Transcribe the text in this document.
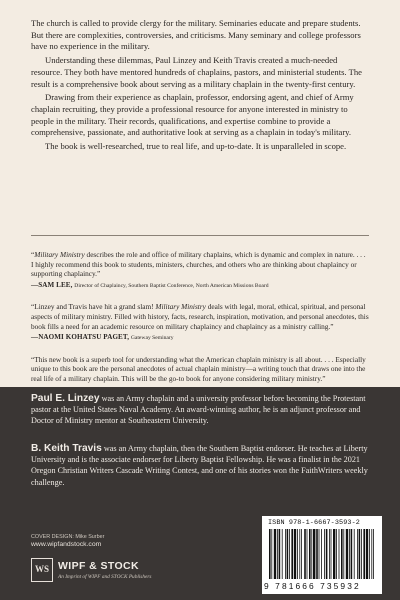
The church is called to provide clergy for the military. Seminaries educate and prepare students. But there are complexities, controversies, and criticisms. Many seminary and college professors have no experience in the military.

Understanding these dilemmas, Paul Linzey and Keith Travis created a much-needed resource. They both have mentored hundreds of chaplains, pastors, and ministerial students. The result is a comprehensive book about serving as a military chaplain in the twenty-first century.

Drawing from their experience as chaplain, professor, endorsing agent, and chief of Army chaplain recruiting, they provide a professional resource for anyone interested in ministry to people in the military. Their records, qualifications, and expertise combine to provide a comprehensive, passionate, and authoritative look at serving as a chaplain in today's military.

The book is well-researched, true to real life, and up-to-date. It is unparalleled in scope.

“Military Ministry describes the role and office of military chaplains, which is dynamic and complex in nature. . . . I highly recommend this book to students, ministers, churches, and others who are thinking about chaplaincy or supporting chaplaincy.”

—SAM LEE, Director of Chaplaincy, Southern Baptist Conference, North American Missions Board

“Linzey and Travis have hit a grand slam! Military Ministry deals with legal, moral, ethical, spiritual, and personal aspects of military ministry. Filled with history, facts, research, inspiration, motivation, and personal anecdotes, this book fills a need for an academic resource on military chaplaincy and chaplaincy as a ministry calling.”

—NAOMI KOHATSU PAGET, Gateway Seminary

“This new book is a superb tool for understanding what the American chaplain ministry is all about. . . . Especially unique to this book are the personal anecdotes of actual chaplain ministry—a writing touch that draws one into the real life of a military chaplain. This will be the go-to book for anyone considering military ministry.”

Paul E. Linzey was an Army chaplain and a university professor before becoming the Protestant pastor at the United States Naval Academy. An award-winning author, he is an adjunct professor and Doctor of Ministry mentor at Southeastern University.
B. Keith Travis was an Army chaplain, then the Southern Baptist endorser. He teaches at Liberty University and is the associate endorser for Liberty Baptist Fellowship. He was a finalist in the 2021 Oregon Christian Writers Cascade Writing Contest, and one of his stories won the FaithWriters weekly challenge.
COVER DESIGN: Mike Surber
www.wipfandstock.com
WS WIPF & STOCK
An Imprint of WIPF and STOCK Publishers
ISBN 978-1-6667-3593-2
9 781666 735932
